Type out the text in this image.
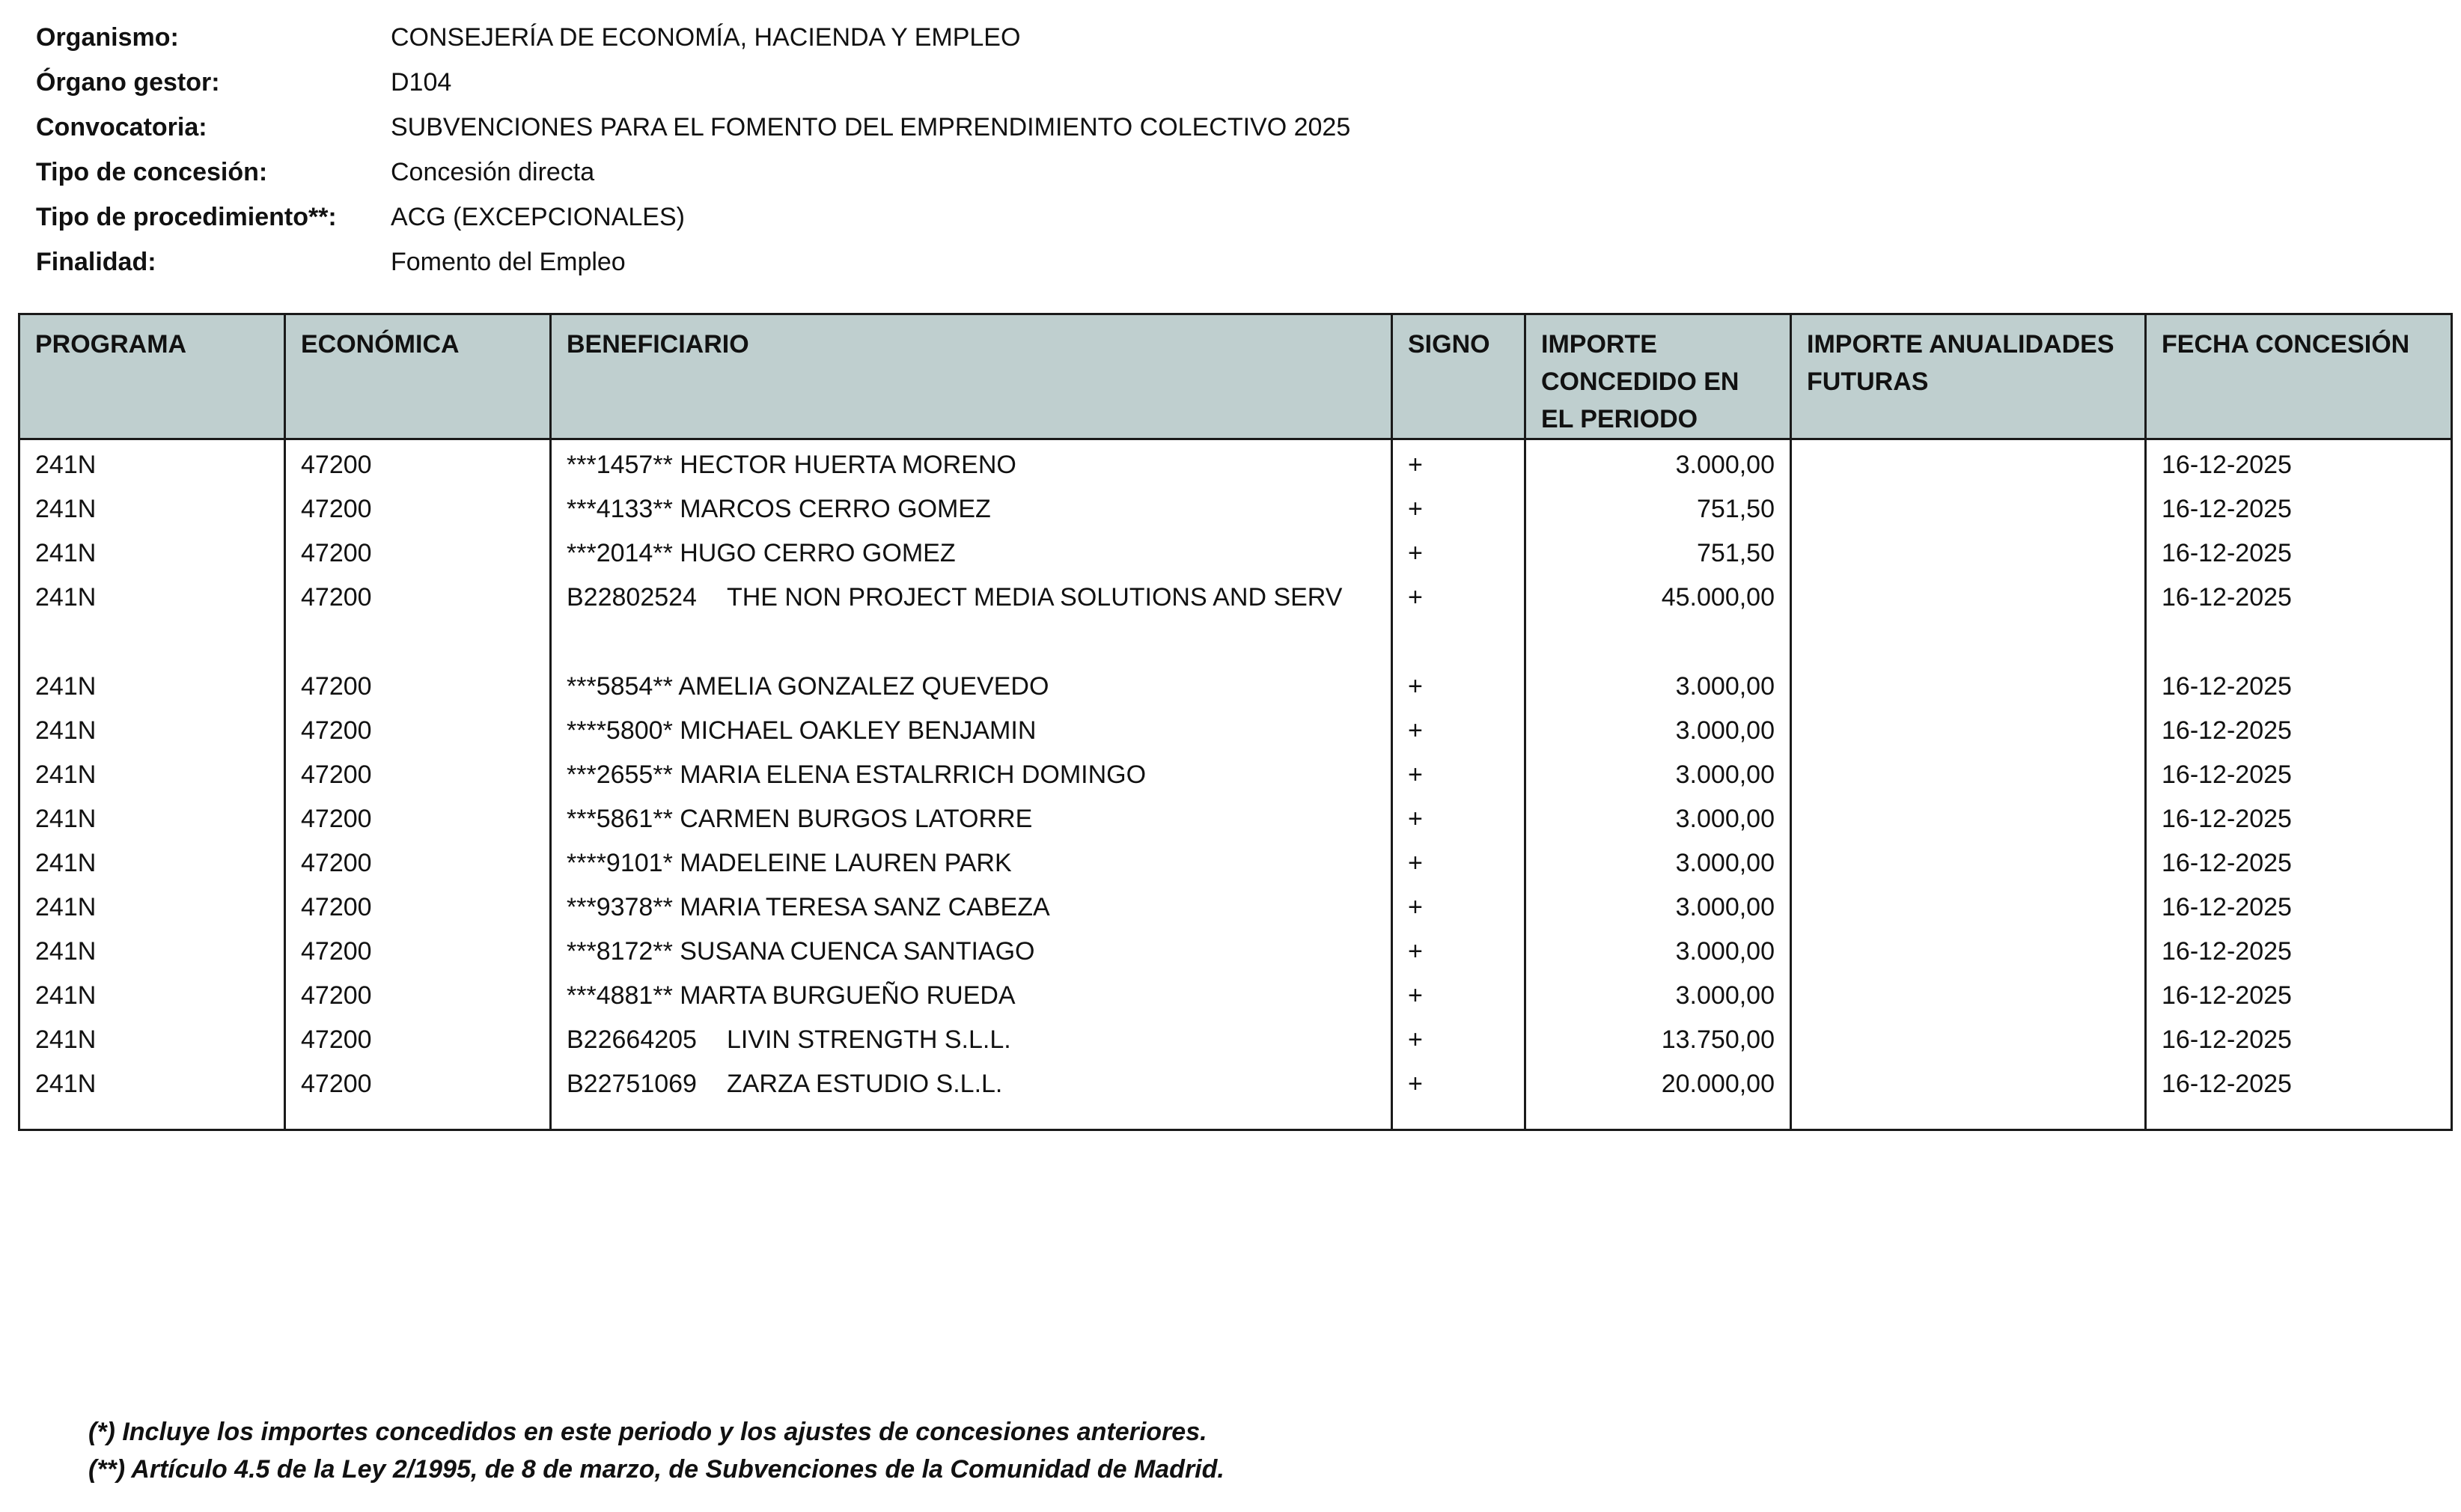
Organismo:	CONSEJERÍA DE ECONOMÍA, HACIENDA Y EMPLEO
Órgano gestor:	D104
Convocatoria:	SUBVENCIONES PARA EL FOMENTO DEL EMPRENDIMIENTO COLECTIVO 2025
Tipo de concesión:	Concesión directa
Tipo de procedimiento**:	ACG (EXCEPCIONALES)
Finalidad:	Fomento del Empleo
PROGRAMA	ECONÓMICA	BENEFICIARIO	SIGNO	IMPORTE CONCEDIDO EN EL PERIODO	IMPORTE ANUALIDADES FUTURAS	FECHA CONCESIÓN
241N	47200	***1457** HECTOR HUERTA MORENO	+	3.000,00		16-12-2025
241N	47200	***4133** MARCOS CERRO GOMEZ	+	751,50		16-12-2025
241N	47200	***2014** HUGO CERRO GOMEZ	+	751,50		16-12-2025
241N	47200	B22802524 THE NON PROJECT MEDIA SOLUTIONS AND SERV	+	45.000,00		16-12-2025
241N	47200	***5854** AMELIA GONZALEZ QUEVEDO	+	3.000,00		16-12-2025
241N	47200	****5800* MICHAEL OAKLEY BENJAMIN	+	3.000,00		16-12-2025
241N	47200	***2655** MARIA ELENA ESTALRRICH DOMINGO	+	3.000,00		16-12-2025
241N	47200	***5861** CARMEN BURGOS LATORRE	+	3.000,00		16-12-2025
241N	47200	****9101* MADELEINE LAUREN PARK	+	3.000,00		16-12-2025
241N	47200	***9378** MARIA TERESA SANZ CABEZA	+	3.000,00		16-12-2025
241N	47200	***8172** SUSANA CUENCA SANTIAGO	+	3.000,00		16-12-2025
241N	47200	***4881** MARTA BURGUEÑO RUEDA	+	3.000,00		16-12-2025
241N	47200	B22664205 LIVIN STRENGTH S.L.L.	+	13.750,00		16-12-2025
241N	47200	B22751069 ZARZA ESTUDIO S.L.L.	+	20.000,00		16-12-2025

(*) Incluye los importes concedidos en este periodo y los ajustes de concesiones anteriores.
(**) Artículo 4.5 de la Ley 2/1995, de 8 de marzo, de Subvenciones de la Comunidad de Madrid.
